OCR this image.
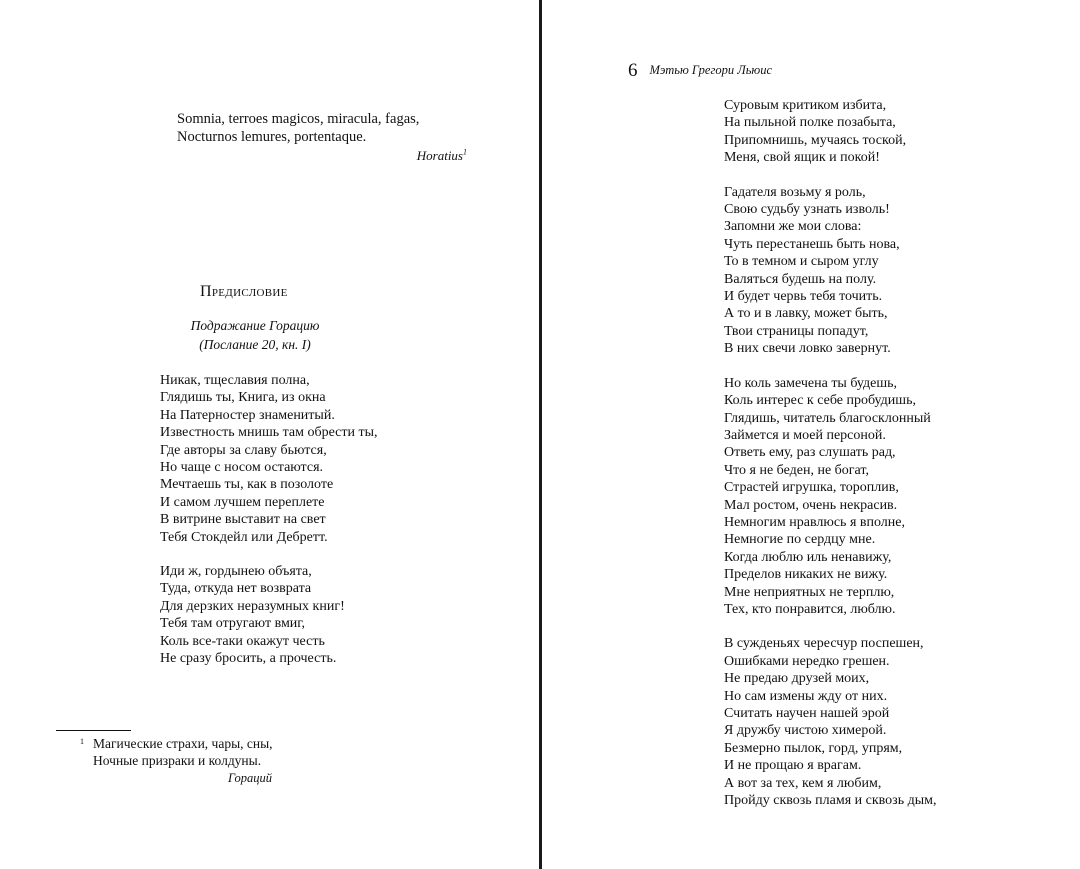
Somnia, terroes magicos, miracula, fagas,
Nocturnos lemures, portentaque.
Horatius$^1$
Предисловие
Подражание Горацию
(Послание 20, кн. I)
Никак, тщеславия полна,
Глядишь ты, Книга, из окна
На Патерностер знаменитый.
Известность мнишь там обрести ты,
Где авторы за славу бьются,
Но чаще с носом остаются.
Мечтаешь ты, как в позолоте
И самом лучшем переплете
В витрине выставит на свет
Тебя Стокдейл или Дебретт.
Иди ж, гордынею объята,
Туда, откуда нет возврата
Для дерзких неразумных книг!
Тебя там отругают вмиг,
Коль все-таки окажут честь
Не сразу бросить, а прочесть.
1 Магические страхи, чары, сны,
Ночные призраки и колдуны.
Гораций
6 Мэтью Грегори Льюис
Суровым критиком избита,
На пыльной полке позабыта,
Припомнишь, мучаясь тоской,
Меня, свой ящик и покой!
Гадателя возьму я роль,
Свою судьбу узнать изволь!
Запомни же мои слова:
Чуть перестанешь быть нова,
То в темном и сыром углу
Валяться будешь на полу.
И будет червь тебя точить.
А то и в лавку, может быть,
Твои страницы попадут,
В них свечи ловко завернут.
Но коль замечена ты будешь,
Коль интерес к себе пробудишь,
Глядишь, читатель благосклонный
Займется и моей персоной.
Ответь ему, раз слушать рад,
Что я не беден, не богат,
Страстей игрушка, тороплив,
Мал ростом, очень некрасив.
Немногим нравлюсь я вполне,
Немногие по сердцу мне.
Когда люблю иль ненавижу,
Пределов никаких не вижу.
Мне неприятных не терплю,
Тех, кто понравится, люблю.
В сужденьях чересчур поспешен,
Ошибками нередко грешен.
Не предаю друзей моих,
Но сам измены жду от них.
Считать научен нашей эрой
Я дружбу чистою химерой.
Безмерно пылок, горд, упрям,
И не прощаю я врагам.
А вот за тех, кем я любим,
Пройду сквозь пламя и сквозь дым,
